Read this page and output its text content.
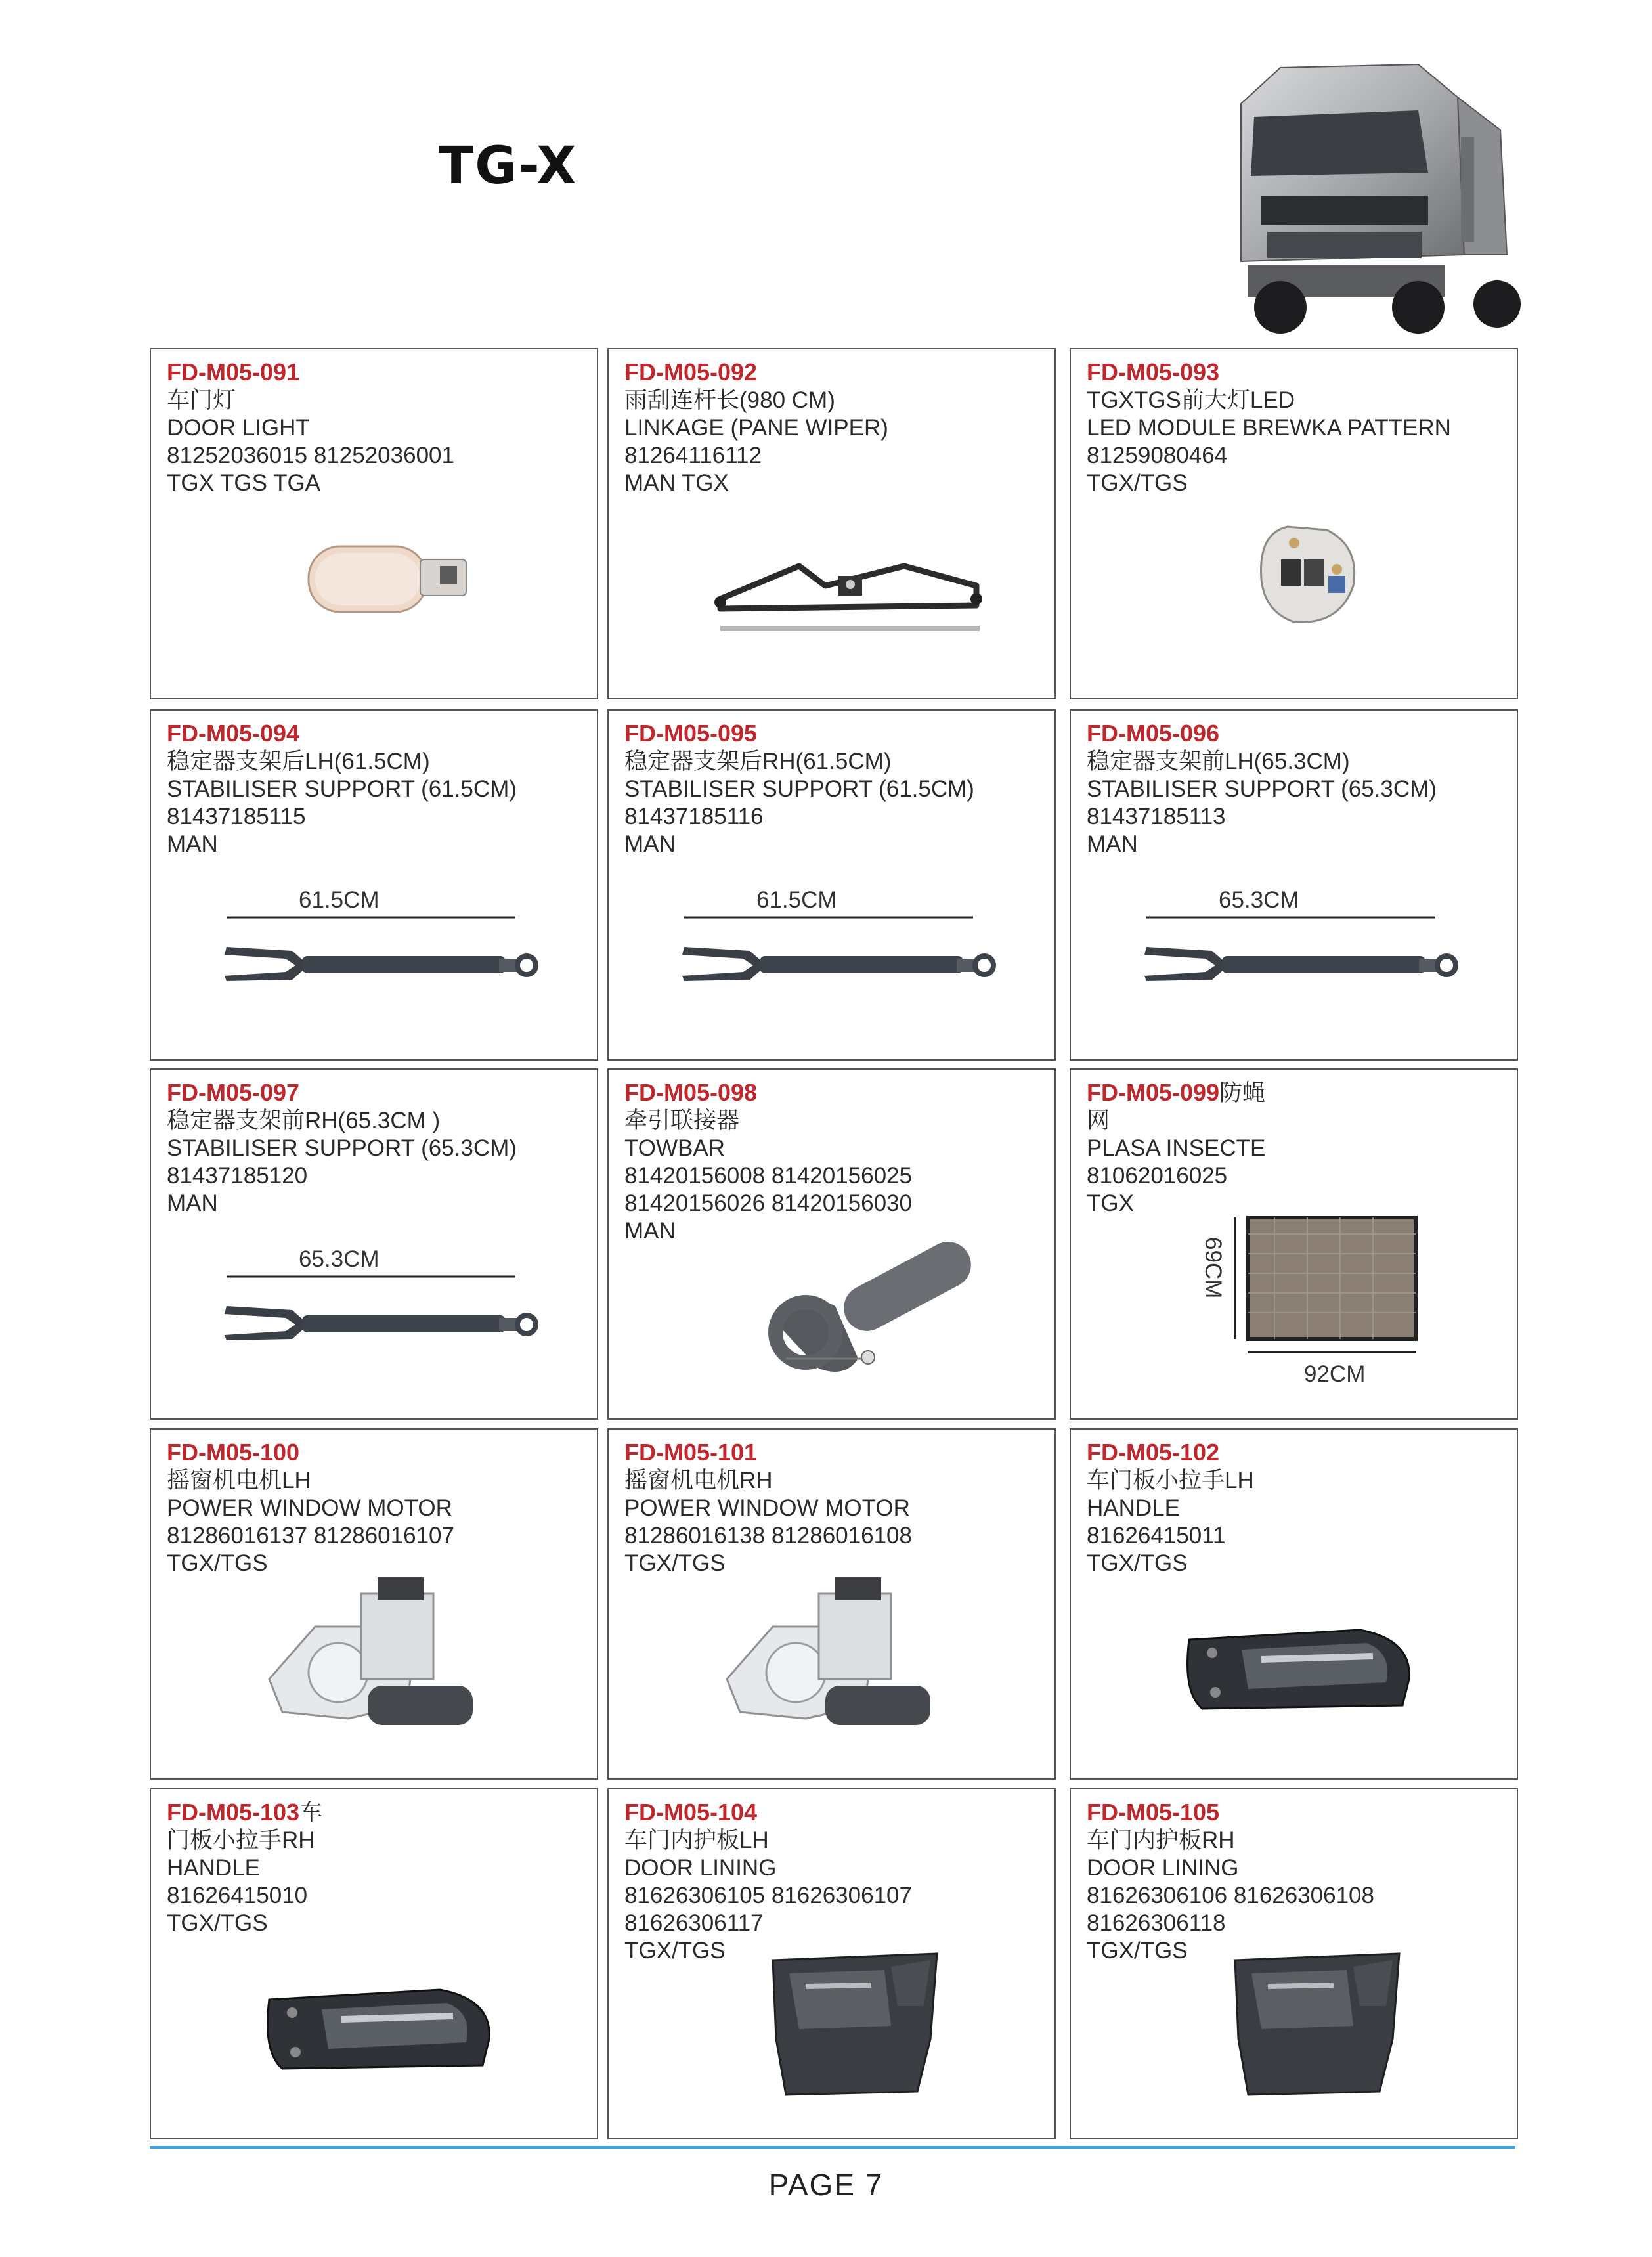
TG-X
FD-M05-091
车门灯
DOOR LIGHT
81252036015 81252036001
TGX TGS TGA
FD-M05-092
雨刮连杆长(980 CM)
LINKAGE (PANE WIPER)
81264116112
MAN TGX
FD-M05-093
TGXTGS前大灯LED
LED MODULE BREWKA PATTERN
81259080464
TGX/TGS
61.5CM
FD-M05-094
稳定器支架后LH(61.5CM)
STABILISER SUPPORT (61.5CM)
81437185115
MAN
61.5CM
FD-M05-095
稳定器支架后RH(61.5CM)
STABILISER SUPPORT (61.5CM)
81437185116
MAN
65.3CM
FD-M05-096
稳定器支架前LH(65.3CM)
STABILISER SUPPORT (65.3CM)
81437185113
MAN
65.3CM
FD-M05-097
稳定器支架前RH(65.3CM )
STABILISER SUPPORT (65.3CM)
81437185120
MAN
FD-M05-098
牵引联接器
TOWBAR
81420156008 81420156025
81420156026 81420156030
MAN
92CM
69CM
FD-M05-099防蝇
网
PLASA INSECTE
81062016025
TGX
FD-M05-100
摇窗机电机LH
POWER WINDOW MOTOR
81286016137 81286016107
TGX/TGS
FD-M05-101
摇窗机电机RH
POWER WINDOW MOTOR
81286016138 81286016108
TGX/TGS
FD-M05-102
车门板小拉手LH
HANDLE
81626415011
TGX/TGS
FD-M05-103车
门板小拉手RH
HANDLE
81626415010
TGX/TGS
FD-M05-104
车门内护板LH
DOOR LINING
81626306105 81626306107
81626306117
TGX/TGS
FD-M05-105
车门内护板RH
DOOR LINING
81626306106 81626306108
81626306118
TGX/TGS
PAGE 7
